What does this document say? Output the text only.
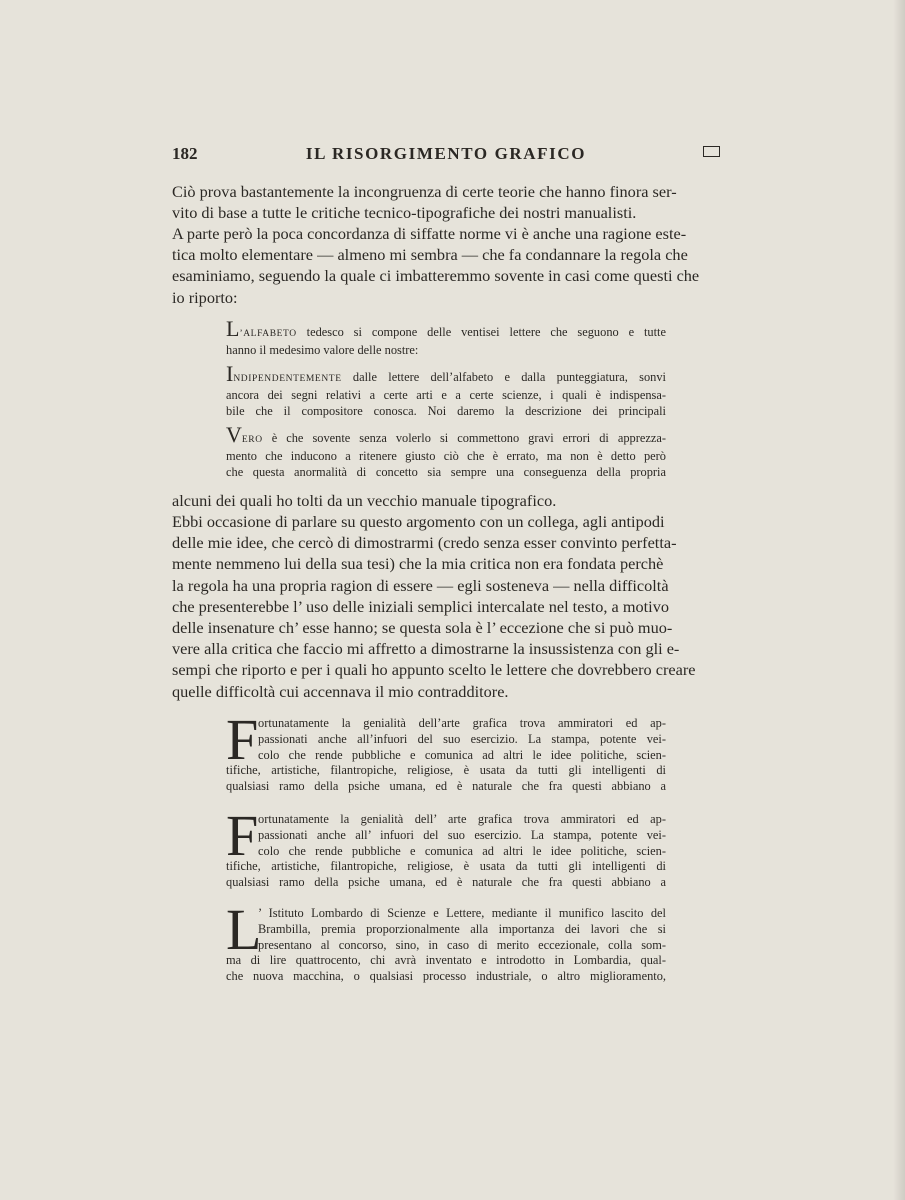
182	IL RISORGIMENTO GRAFICO

Ciò prova bastantemente la incongruenza di certe teorie che hanno finora ser-
vito di base a tutte le critiche tecnico-tipografiche dei nostri manualisti.

A parte però la poca concordanza di siffatte norme vi è anche una ragione este-
tica molto elementare — almeno mi sembra — che fa condannare la regola che
esaminiamo, seguendo la quale ci imbatteremmo sovente in casi come questi che
io riporto:

L’ALFABETO tedesco si compone delle ventisei lettere che seguono e tutte
hanno il medesimo valore delle nostre:
INDIPENDENTEMENTE dalle lettere dell’alfabeto e dalla punteggiatura, sonvi
ancora dei segni relativi a certe arti e a certe scienze, i quali è indispensa-
bile che il compositore conosca. Noi daremo la descrizione dei principali
VERO è che sovente senza volerlo si commettono gravi errori di apprezza-
mento che inducono a ritenere giusto ciò che è errato, ma non è detto però
che questa anormalità di concetto sia sempre una conseguenza della propria

alcuni dei quali ho tolti da un vecchio manuale tipografico.

Ebbi occasione di parlare su questo argomento con un collega, agli antipodi
delle mie idee, che cercò di dimostrarmi (credo senza esser convinto perfetta-
mente nemmeno lui della sua tesi) che la mia critica non era fondata perchè
la regola ha una propria ragion di essere — egli sosteneva — nella difficoltà
che presenterebbe l’ uso delle iniziali semplici intercalate nel testo, a motivo
delle insenature ch’ esse hanno; se questa sola è l’ eccezione che si può muo-
vere alla critica che faccio mi affretto a dimostrarne la insussistenza con gli e-
sempi che riporto e per i quali ho appunto scelto le lettere che dovrebbero creare
quelle difficoltà cui accennava il mio contradditore.

F ortunatamente la genialità dell’arte grafica trova ammiratori ed ap-
passionati anche all’infuori del suo esercizio. La stampa, potente vei-
colo che rende pubbliche e comunica ad altri le idee politiche, scien-
tifiche, artistiche, filantropiche, religiose, è usata da tutti gli intelligenti di
qualsiasi ramo della psiche umana, ed è naturale che fra questi abbiano a
F ortunatamente la genialità dell’ arte grafica trova ammiratori ed ap-
passionati anche all’ infuori del suo esercizio. La stampa, potente vei-
colo che rende pubbliche e comunica ad altri le idee politiche, scien-
tifiche, artistiche, filantropiche, religiose, è usata da tutti gli intelligenti di
qualsiasi ramo della psiche umana, ed è naturale che fra questi abbiano a
L
’ Istituto Lombardo di Scienze e Lettere, mediante il munifico lascito del
Brambilla, premia proporzionalmente alla importanza dei lavori che si
presentano al concorso, sino, in caso di merito eccezionale, colla som-
ma di lire quattrocento, chi avrà inventato e introdotto in Lombardia, qual-
che nuova macchina, o qualsiasi processo industriale, o altro miglioramento,
